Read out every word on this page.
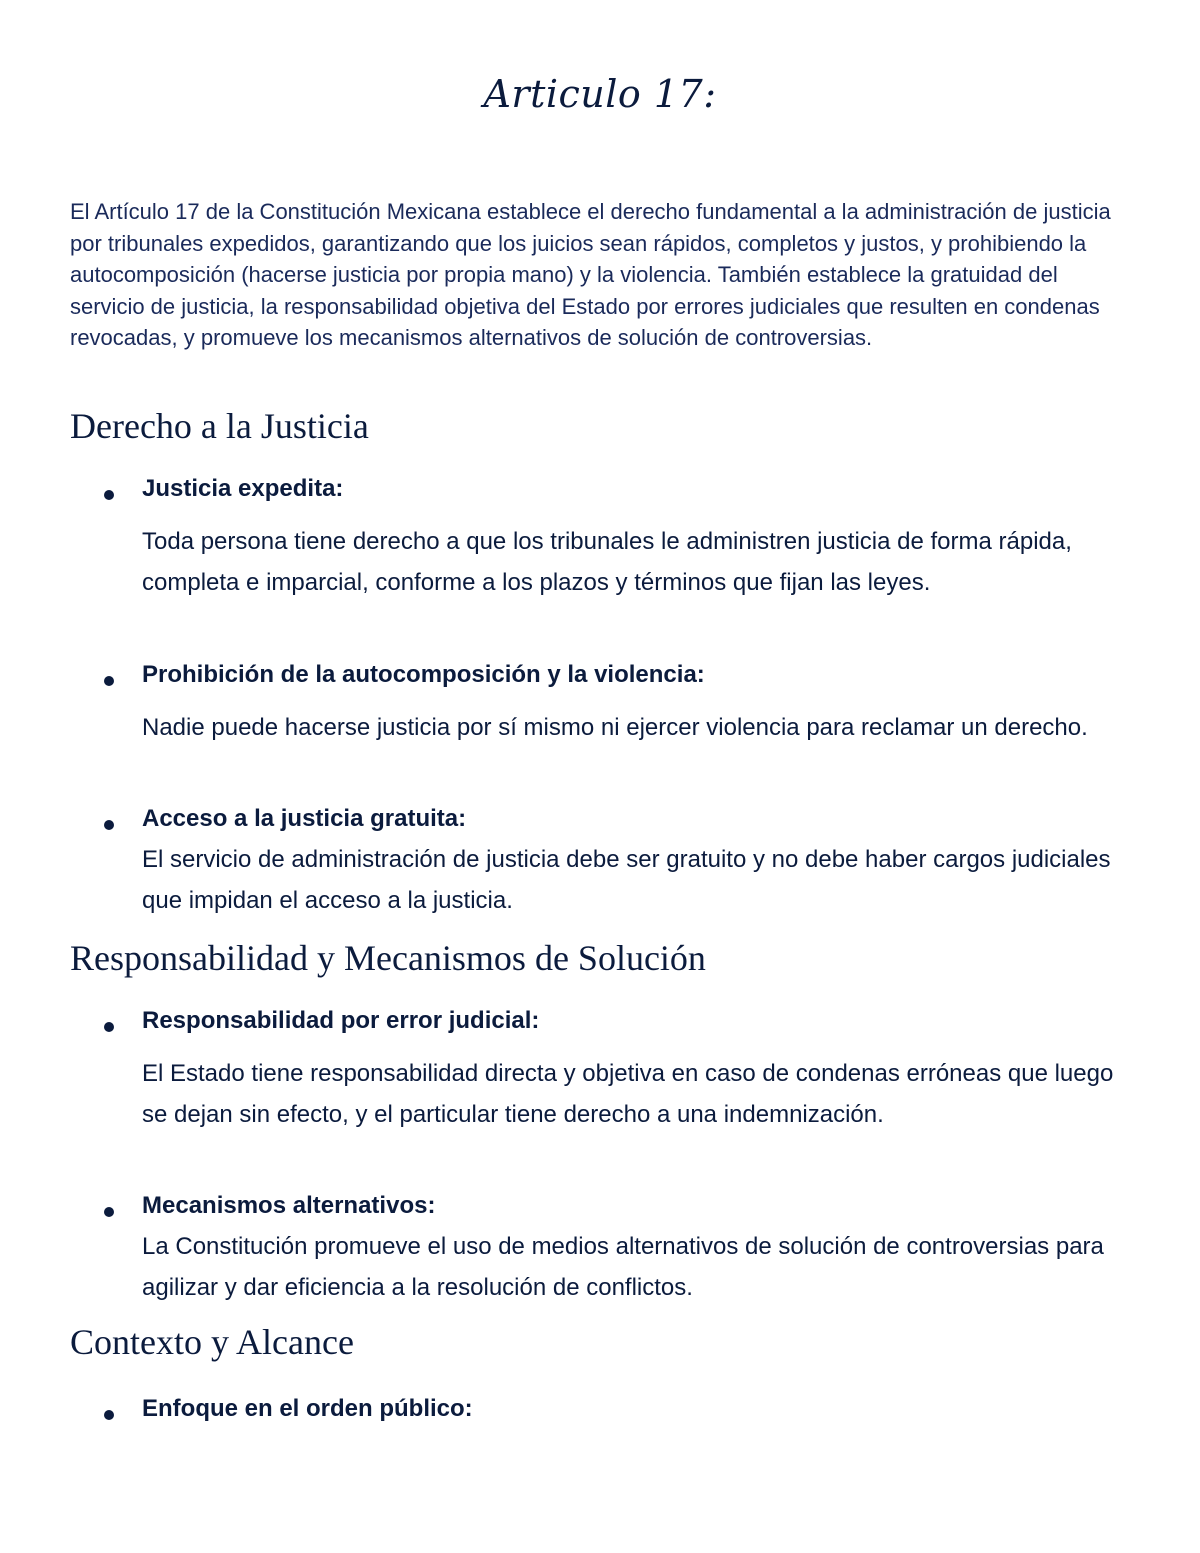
Articulo 17:
El Artículo 17 de la Constitución Mexicana establece el derecho fundamental a la administración de justicia por tribunales expedidos, garantizando que los juicios sean rápidos, completos y justos, y prohibiendo la autocomposición (hacerse justicia por propia mano) y la violencia. También establece la gratuidad del servicio de justicia, la responsabilidad objetiva del Estado por errores judiciales que resulten en condenas revocadas, y promueve los mecanismos alternativos de solución de controversias.
Derecho a la Justicia
Justicia expedita:
Toda persona tiene derecho a que los tribunales le administren justicia de forma rápida, completa e imparcial, conforme a los plazos y términos que fijan las leyes.
Prohibición de la autocomposición y la violencia:
Nadie puede hacerse justicia por sí mismo ni ejercer violencia para reclamar un derecho.
Acceso a la justicia gratuita:
El servicio de administración de justicia debe ser gratuito y no debe haber cargos judiciales que impidan el acceso a la justicia.
Responsabilidad y Mecanismos de Solución
Responsabilidad por error judicial:
El Estado tiene responsabilidad directa y objetiva en caso de condenas erróneas que luego se dejan sin efecto, y el particular tiene derecho a una indemnización.
Mecanismos alternativos:
La Constitución promueve el uso de medios alternativos de solución de controversias para agilizar y dar eficiencia a la resolución de conflictos.
Contexto y Alcance
Enfoque en el orden público:
